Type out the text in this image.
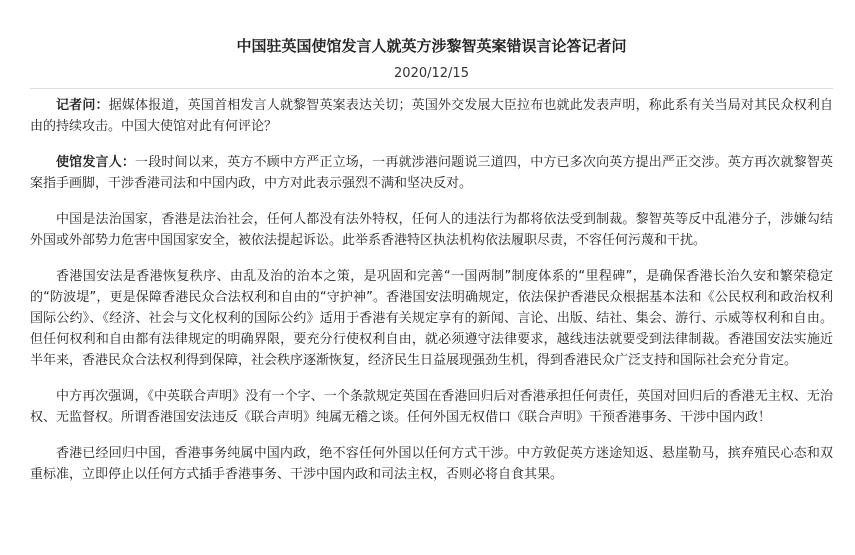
中国驻英国使馆发言人就英方涉黎智英案错误言论答记者问
2020/12/15

记者问：据媒体报道，英国首相发言人就黎智英案表达关切；英国外交发展大臣拉布也就此发表声明，称此系有关当局对其民众权利自由的持续攻击。中国大使馆对此有何评论？

使馆发言人：一段时间以来，英方不顾中方严正立场，一再就涉港问题说三道四，中方已多次向英方提出严正交涉。英方再次就黎智英案指手画脚，干涉香港司法和中国内政，中方对此表示强烈不满和坚决反对。

中国是法治国家，香港是法治社会，任何人都没有法外特权，任何人的违法行为都将依法受到制裁。黎智英等反中乱港分子，涉嫌勾结外国或外部势力危害中国国家安全，被依法提起诉讼。此举系香港特区执法机构依法履职尽责，不容任何污蔑和干扰。

香港国安法是香港恢复秩序、由乱及治的治本之策，是巩固和完善“一国两制”制度体系的“里程碑”，是确保香港长治久安和繁荣稳定的“防波堤”，更是保障香港民众合法权利和自由的“守护神”。香港国安法明确规定，依法保护香港民众根据基本法和《公民权利和政治权利国际公约》、《经济、社会与文化权利的国际公约》适用于香港有关规定享有的新闻、言论、出版、结社、集会、游行、示威等权利和自由。但任何权利和自由都有法律规定的明确界限，要充分行使权利自由，就必须遵守法律要求，越线违法就要受到法律制裁。香港国安法实施近半年来，香港民众合法权利得到保障，社会秩序逐渐恢复，经济民生日益展现强劲生机，得到香港民众广泛支持和国际社会充分肯定。

中方再次强调，《中英联合声明》没有一个字、一个条款规定英国在香港回归后对香港承担任何责任，英国对回归后的香港无主权、无治权、无监督权。所谓香港国安法违反《联合声明》纯属无稽之谈。任何外国无权借口《联合声明》干预香港事务、干涉中国内政！

香港已经回归中国，香港事务纯属中国内政，绝不容任何外国以任何方式干涉。中方敦促英方迷途知返、悬崖勒马，摈弃殖民心态和双重标准，立即停止以任何方式插手香港事务、干涉中国内政和司法主权，否则必将自食其果。
